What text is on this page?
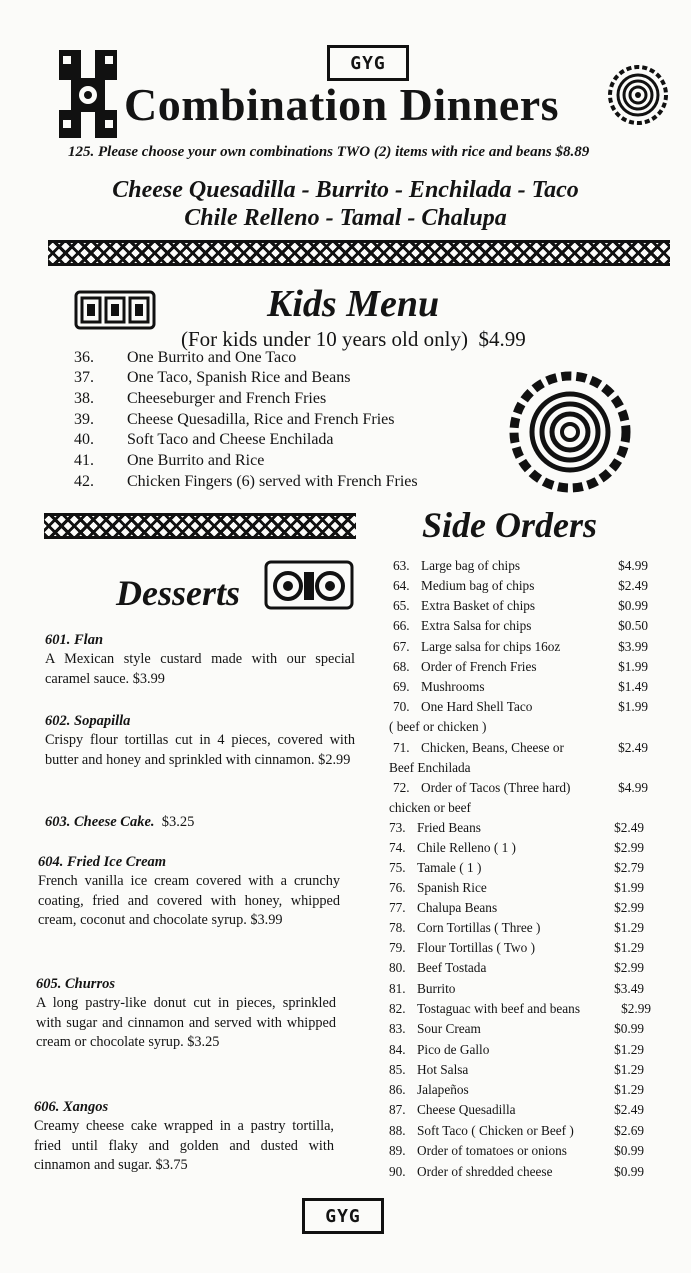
GYG
Combination Dinners
125. Please choose your own combinations TWO (2) items with rice and beans $8.89
Cheese Quesadilla - Burrito - Enchilada - Taco
Chile Relleno - Tamal - Chalupa
Kids Menu
(For kids under 10 years old only) $4.99
36.	One Burrito and One Taco
37.	One Taco, Spanish Rice and Beans
38.	Cheeseburger and French Fries
39.	Cheese Quesadilla, Rice and French Fries
40.	Soft Taco and Cheese Enchilada
41.	One Burrito and Rice
42.	Chicken Fingers (6) served with French Fries
Side Orders
Desserts
601. Flan

A Mexican style custard made with our special caramel sauce. $3.99

602. Sopapilla

Crispy flour tortillas cut in 4 pieces, covered with butter and honey and sprinkled with cinnamon. $2.99

603. Cheese Cake. $3.25
604. Fried Ice Cream

French vanilla ice cream covered with a crunchy coating, fried and covered with honey, whipped cream, coconut and chocolate syrup. $3.99

605. Churros

A long pastry-like donut cut in pieces, sprinkled with sugar and cinnamon and served with whipped cream or chocolate syrup. $3.25

606. Xangos

Creamy cheese cake wrapped in a pastry tortilla, fried until flaky and golden and dusted with cinnamon and sugar. $3.75

63. Large bag of chips	$4.99
64. Medium bag of chips	$2.49
65. Extra Basket of chips	$0.99
66. Extra Salsa for chips	$0.50
67. Large salsa for chips 16oz	$3.99
68. Order of French Fries	$1.99
69. Mushrooms	$1.49
70. One Hard Shell Taco	$1.99
( beef or chicken )
71. Chicken, Beans, Cheese or	$2.49
Beef Enchilada
72. Order of Tacos (Three hard)	$4.99
chicken or beef
73. Fried Beans	$2.49
74. Chile Relleno ( 1 )	$2.99
75. Tamale ( 1 )	$2.79
76. Spanish Rice	$1.99
77. Chalupa Beans	$2.99
78. Corn Tortillas ( Three )	$1.29
79. Flour Tortillas ( Two )	$1.29
80. Beef Tostada	$2.99
81. Burrito	$3.49
82. Tostaguac with beef and beans	$2.99
83. Sour Cream	$0.99
84. Pico de Gallo	$1.29
85. Hot Salsa	$1.29
86. Jalapeños	$1.29
87. Cheese Quesadilla	$2.49
88. Soft Taco ( Chicken or Beef )	$2.69
89. Order of tomatoes or onions	$0.99
90. Order of shredded cheese	$0.99
GYG
